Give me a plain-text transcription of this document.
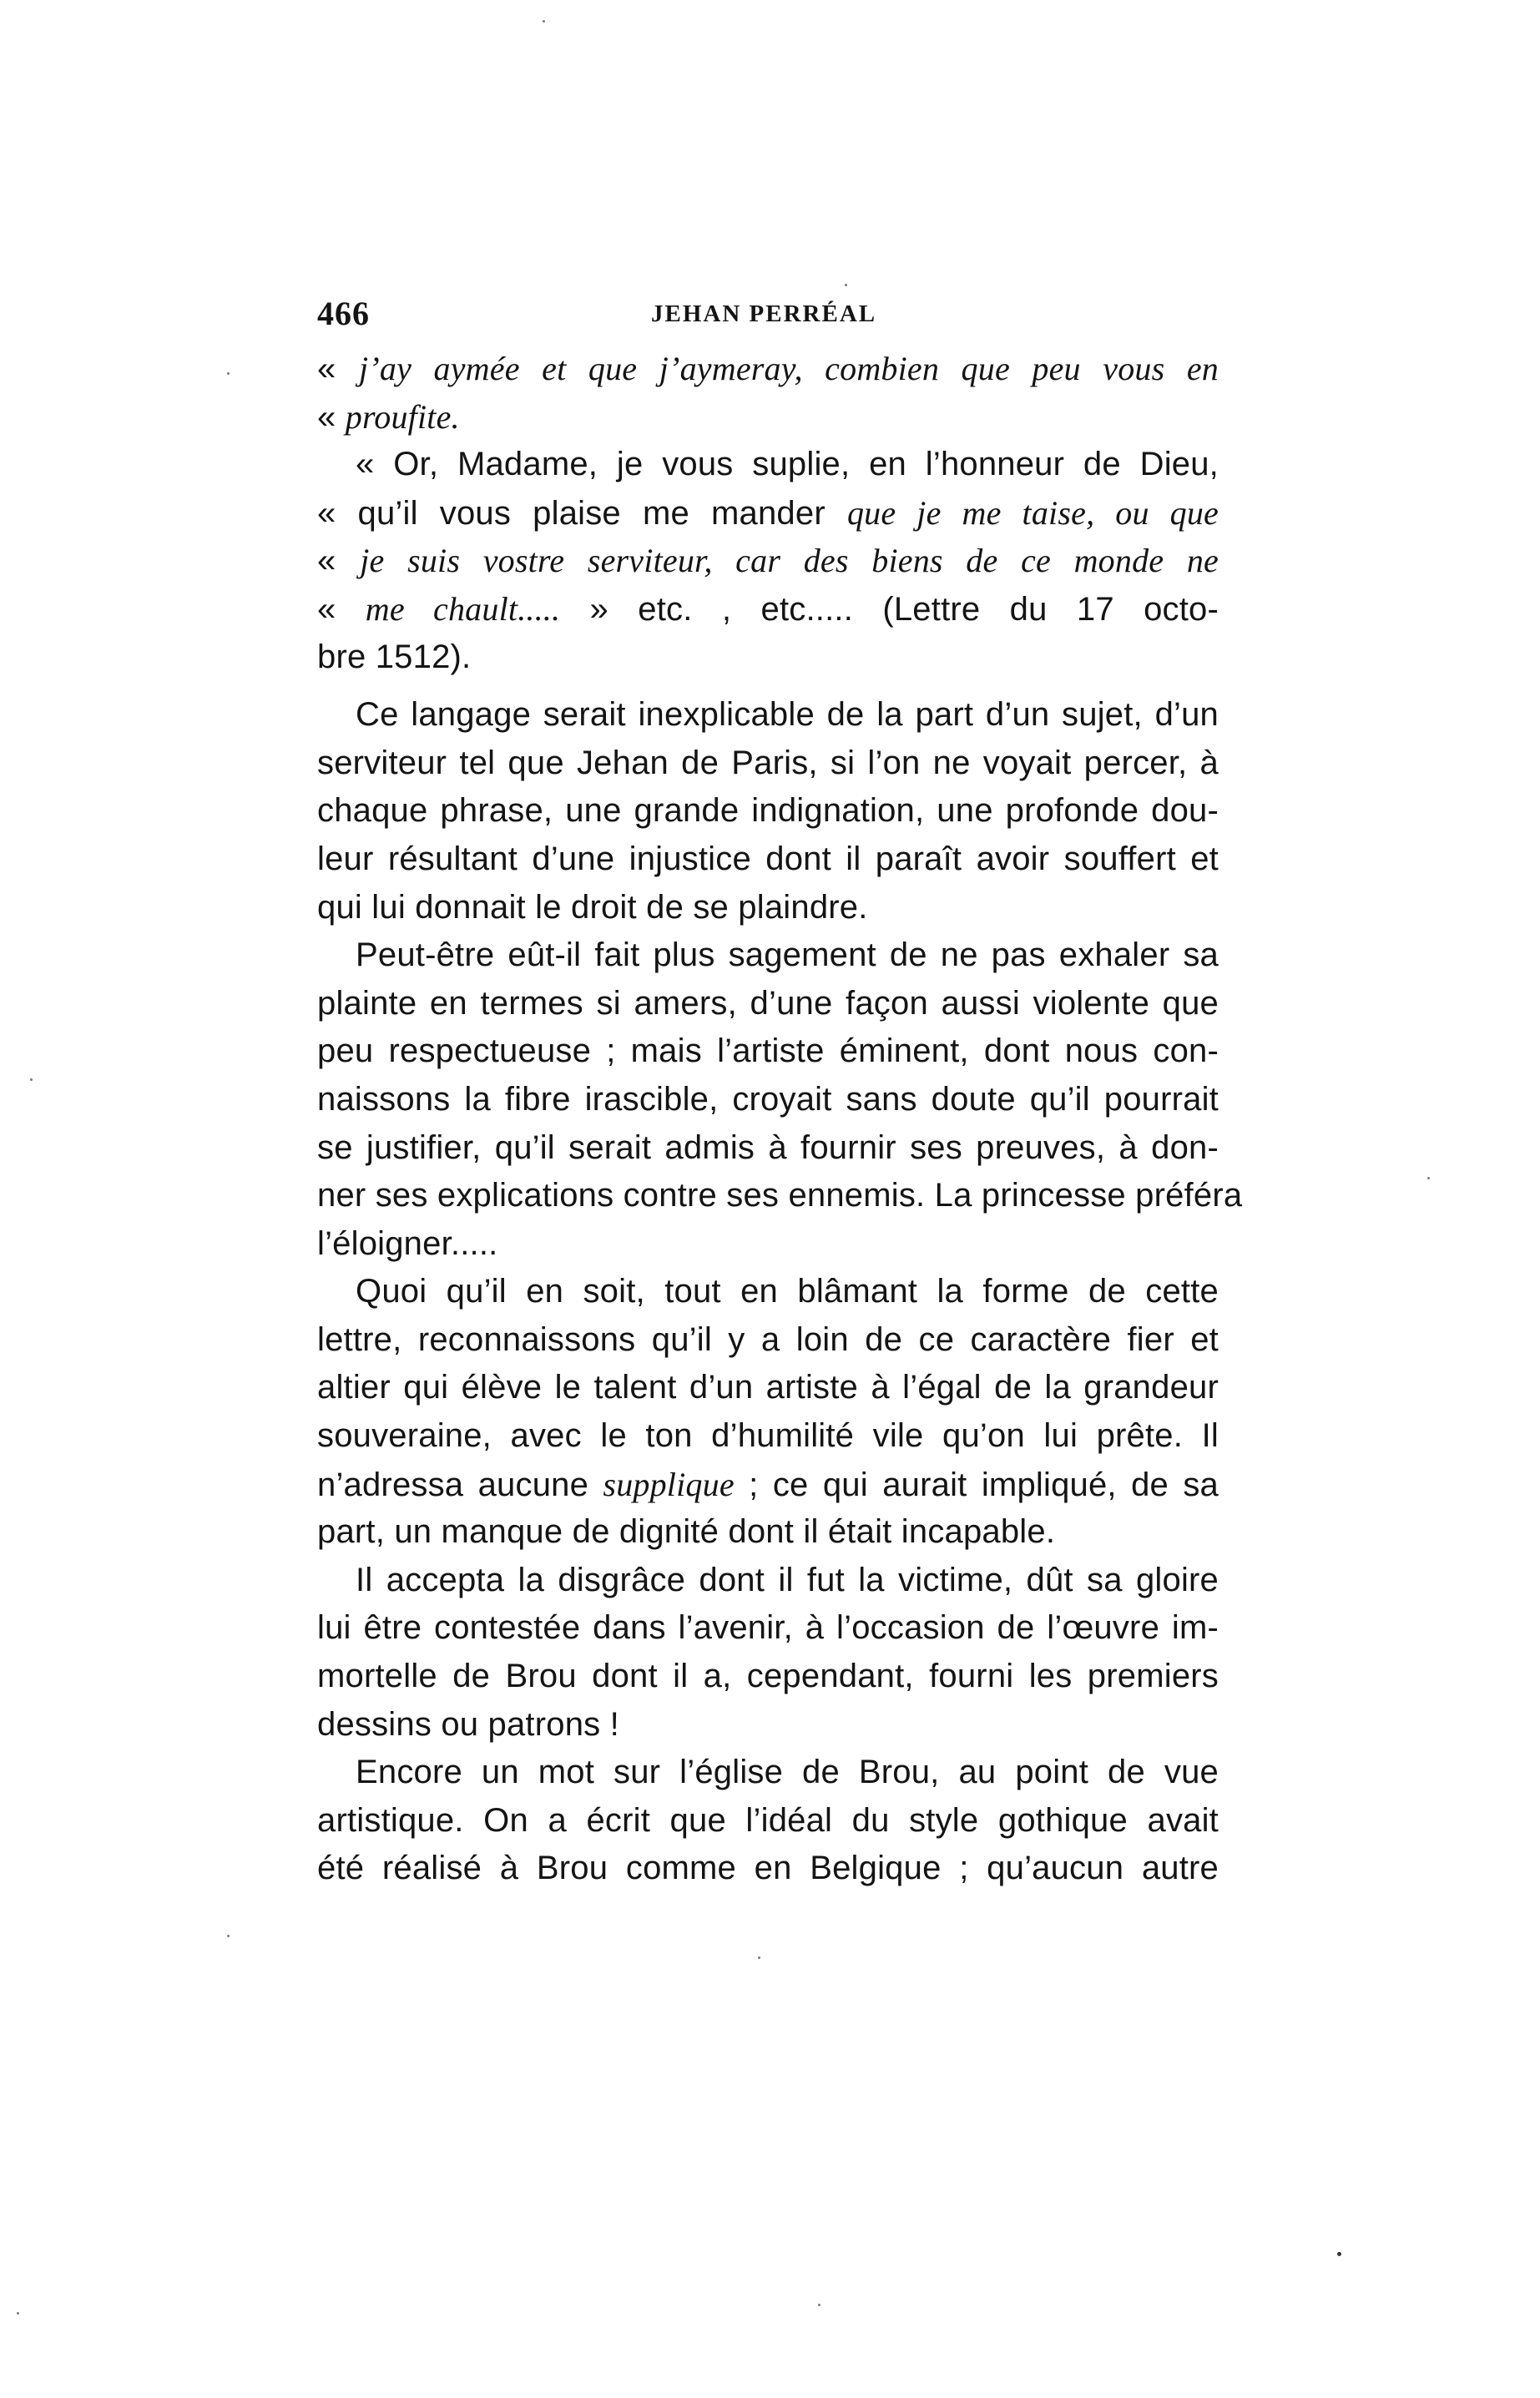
466	JEHAN PERRÉAL
« j’ay aymée et que j’aymeray, combien que peu vous en
« proufite.
« Or, Madame, je vous suplie, en l’honneur de Dieu,
« qu’il vous plaise me mander que je me taise, ou que
« je suis vostre serviteur, car des biens de ce monde ne
« me chault..... » etc. , etc..... (Lettre du 17 octo-
bre 1512).
Ce langage serait inexplicable de la part d’un sujet, d’un
serviteur tel que Jehan de Paris, si l’on ne voyait percer, à
chaque phrase, une grande indignation, une profonde dou-
leur résultant d’une injustice dont il paraît avoir souffert et
qui lui donnait le droit de se plaindre.
Peut-être eût-il fait plus sagement de ne pas exhaler sa
plainte en termes si amers, d’une façon aussi violente que
peu respectueuse ; mais l’artiste éminent, dont nous con-
naissons la fibre irascible, croyait sans doute qu’il pourrait
se justifier, qu’il serait admis à fournir ses preuves, à don-
ner ses explications contre ses ennemis. La princesse préféra
l’éloigner.....
Quoi qu’il en soit, tout en blâmant la forme de cette
lettre, reconnaissons qu’il y a loin de ce caractère fier et
altier qui élève le talent d’un artiste à l’égal de la grandeur
souveraine, avec le ton d’humilité vile qu’on lui prête. Il
n’adressa aucune supplique ; ce qui aurait impliqué, de sa
part, un manque de dignité dont il était incapable.
Il accepta la disgrâce dont il fut la victime, dût sa gloire
lui être contestée dans l’avenir, à l’occasion de l’œuvre im-
mortelle de Brou dont il a, cependant, fourni les premiers
dessins ou patrons !
Encore un mot sur l’église de Brou, au point de vue
artistique. On a écrit que l’idéal du style gothique avait
été réalisé à Brou comme en Belgique ; qu’aucun autre
